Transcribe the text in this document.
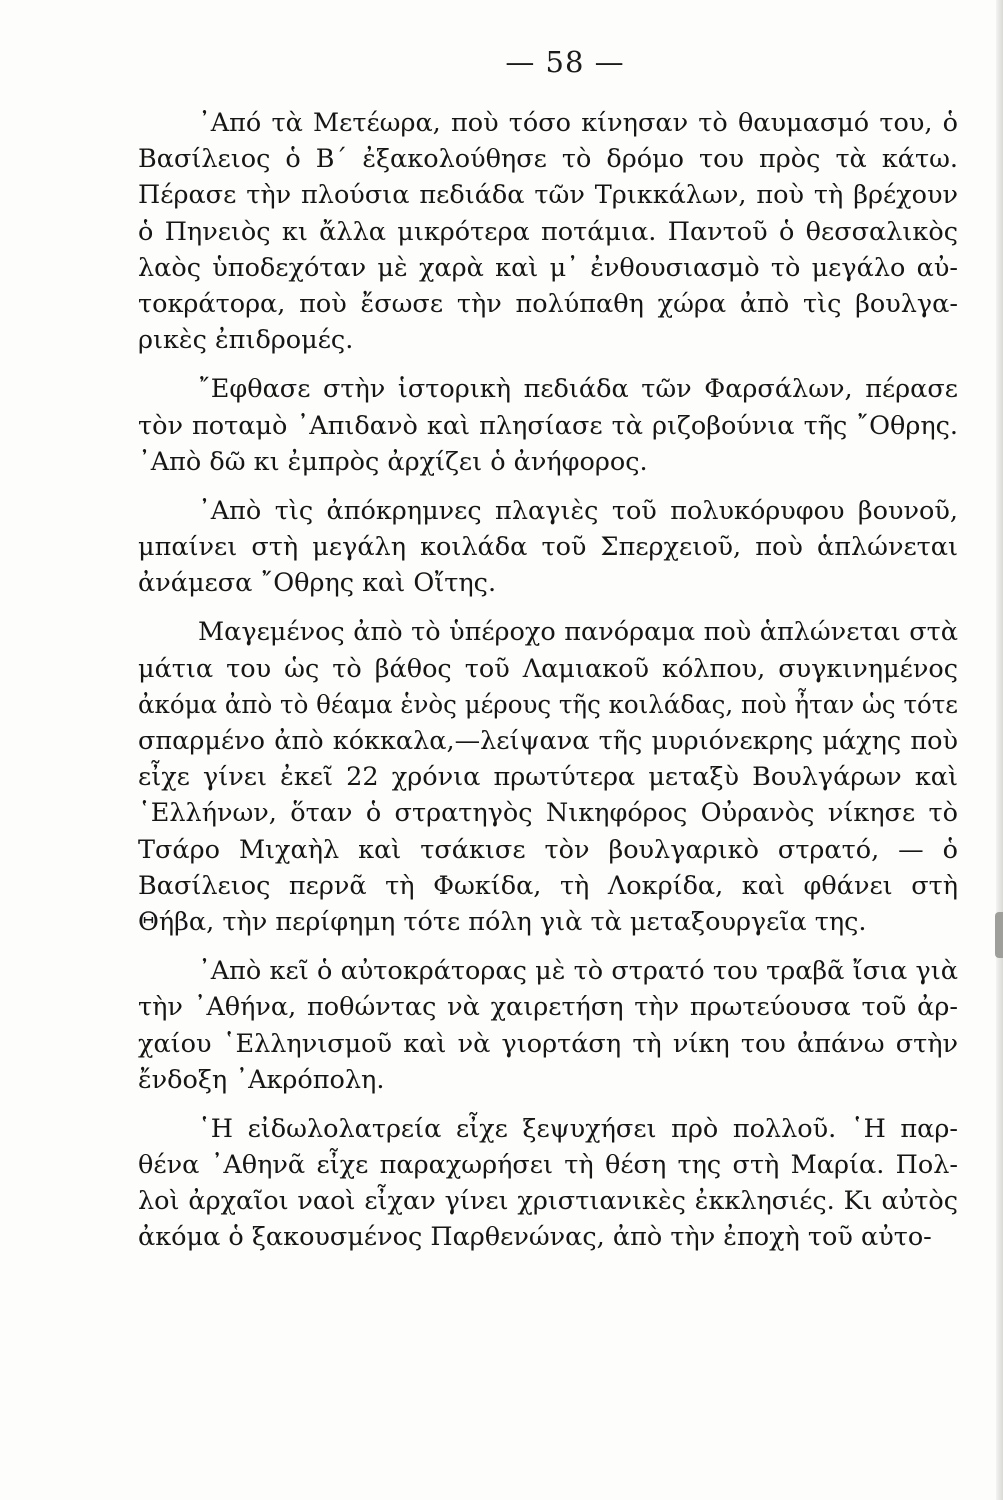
— 58 —
᾿Από τὰ Μετέωρα, ποὺ τόσο κίνησαν τὸ θαυμασμό του, ὁ
Βασίλειος ὁ Β΄ ἐξακολούθησε τὸ δρόμο του πρὸς τὰ κάτω.
Πέρασε τὴν πλούσια πεδιάδα τῶν Τρικκάλων, ποὺ τὴ βρέχουν
ὁ Πηνειὸς κι ἄλλα μικρότερα ποτάμια. Παντοῦ ὁ θεσσαλικὸς
λαὸς ὑποδεχόταν μὲ χαρὰ καὶ μ᾿ ἐνθουσιασμὸ τὸ μεγάλο αὐ-
τοκράτορα, ποὺ ἔσωσε τὴν πολύπαθη χώρα ἀπὸ τὶς βουλγα-
ρικὲς ἐπιδρομές.
῎Εφθασε στὴν ἱστορικὴ πεδιάδα τῶν Φαρσάλων, πέρασε
τὸν ποταμὸ ᾿Απιδανὸ καὶ πλησίασε τὰ ριζοβούνια τῆς ῎Οθρης.
᾿Απὸ δῶ κι ἐμπρὸς ἀρχίζει ὁ ἀνήφορος.
᾿Απὸ τὶς ἀπόκρημνες πλαγιὲς τοῦ πολυκόρυφου βουνοῦ,
μπαίνει στὴ μεγάλη κοιλάδα τοῦ Σπερχειοῦ, ποὺ ἁπλώνεται
ἀνάμεσα ῎Οθρης καὶ Οἴτης.
Μαγεμένος ἀπὸ τὸ ὑπέροχο πανόραμα ποὺ ἁπλώνεται στὰ
μάτια του ὡς τὸ βάθος τοῦ Λαμιακοῦ κόλπου, συγκινημένος
ἀκόμα ἀπὸ τὸ θέαμα ἑνὸς μέρους τῆς κοιλάδας, ποὺ ἦταν ὡς τότε
σπαρμένο ἀπὸ κόκκαλα,—λείψανα τῆς μυριόνεκρης μάχης ποὺ
εἶχε γίνει ἐκεῖ 22 χρόνια πρωτύτερα μεταξὺ Βουλγάρων καὶ
῾Ελλήνων, ὅταν ὁ στρατηγὸς Νικηφόρος Οὐρανὸς νίκησε τὸ
Τσάρο Μιχαὴλ καὶ τσάκισε τὸν βουλγαρικὸ στρατό, — ὁ
Βασίλειος περνᾶ τὴ Φωκίδα, τὴ Λοκρίδα, καὶ φθάνει στὴ
Θήβα, τὴν περίφημη τότε πόλη γιὰ τὰ μεταξουργεῖα της.
᾿Απὸ κεῖ ὁ αὐτοκράτορας μὲ τὸ στρατό του τραβᾶ ἴσια γιὰ
τὴν ᾿Αθήνα, ποθώντας νὰ χαιρετήση τὴν πρωτεύουσα τοῦ ἀρ-
χαίου ῾Ελληνισμοῦ καὶ νὰ γιορτάση τὴ νίκη του ἀπάνω στὴν
ἔνδοξη ᾿Ακρόπολη.
῾Η εἰδωλολατρεία εἶχε ξεψυχήσει πρὸ πολλοῦ. ῾Η παρ-
θένα ᾿Αθηνᾶ εἶχε παραχωρήσει τὴ θέση της στὴ Μαρία. Πολ-
λοὶ ἀρχαῖοι ναοὶ εἶχαν γίνει χριστιανικὲς ἐκκλησιές. Κι αὐτὸς
ἀκόμα ὁ ξακουσμένος Παρθενώνας, ἀπὸ τὴν ἐποχὴ τοῦ αὐτο-
